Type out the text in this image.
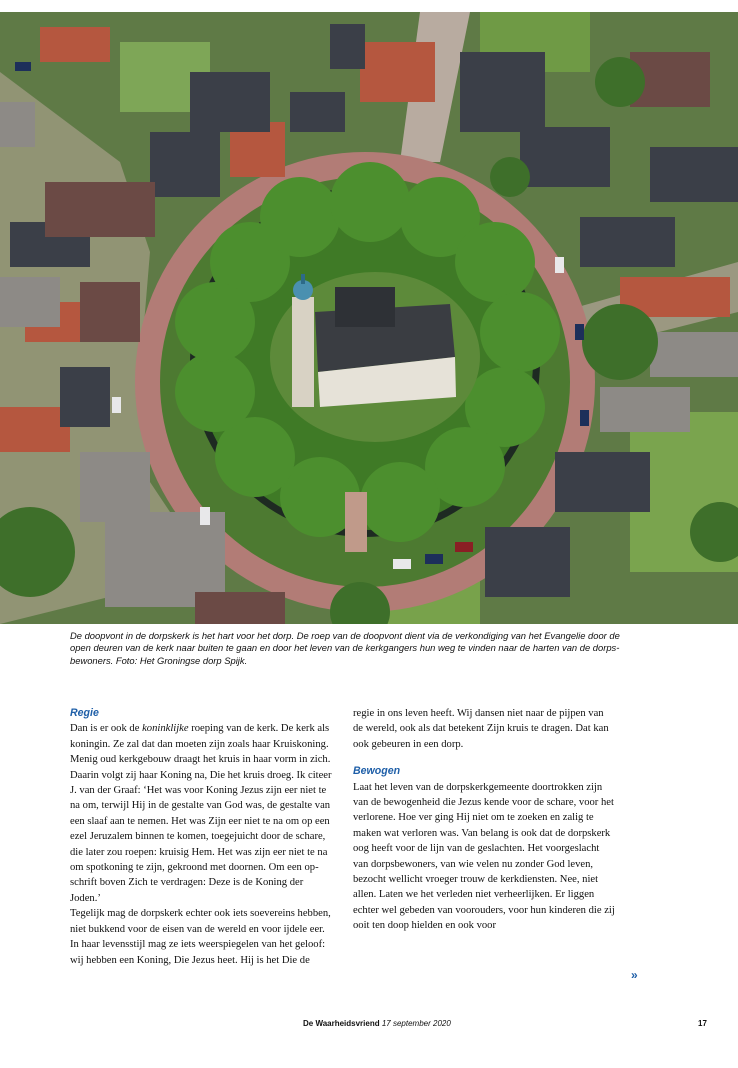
De doopvont in de dorpskerk is het hart voor het dorp. De roep van de doopvont dient via de verkondiging van het Evangelie door de open deuren van de kerk naar buiten te gaan en door het leven van de kerkgangers hun weg te vinden naar de harten van de dorpsbewoners. Foto: Het Groningse dorp Spijk.
Regie

Dan is er ook de koninklijke roeping van de kerk. De kerk als koningin. Ze zal dat dan moeten zijn zoals haar Kruiskoning. Menig oud kerkgebouw draagt het kruis in haar vorm in zich. Daarin volgt zij haar Koning na, Die het kruis droeg. Ik citeer J. van der Graaf: ‘Het was voor Koning Jezus zijn eer niet te na om, terwijl Hij in de gestalte van God was, de gestalte van een slaaf aan te nemen. Het was Zijn eer niet te na om op een ezel Jeruzalem binnen te komen, toegejuicht door de schare, die later zou roepen: kruisig Hem. Het was zijn eer niet te na om spotkoning te zijn, gekroond met doornen. Om een opschrift boven Zich te verdragen: Deze is de Koning der Joden.’

Tegelijk mag de dorpskerk echter ook iets soevereins hebben, niet bukkend voor de eisen van de wereld en voor ijdele eer. In haar levensstijl mag ze iets weerspiegelen van het geloof: wij hebben een Koning, Die Jezus heet. Hij is het Die de

regie in ons leven heeft. Wij dansen niet naar de pijpen van de wereld, ook als dat betekent Zijn kruis te dragen. Dat kan ook gebeuren in een dorp.

Bewogen

Laat het leven van de dorpskerkgemeente doortrokken zijn van de bewogenheid die Jezus kende voor de schare, voor het verlorene. Hoe ver ging Hij niet om te zoeken en zalig te maken wat verloren was. Van belang is ook dat de dorpskerk oog heeft voor de lijn van de geslachten. Het voorgeslacht van dorpsbewoners, van wie velen nu zonder God leven, bezocht wellicht vroeger trouw de kerkdiensten. Nee, niet allen. Laten we het verleden niet verheerlijken. Er liggen echter wel gebeden van voorouders, voor hun kinderen die zij ooit ten doop hielden en ook voor

»
De Waarheidsvriend 17 september 2020	17
